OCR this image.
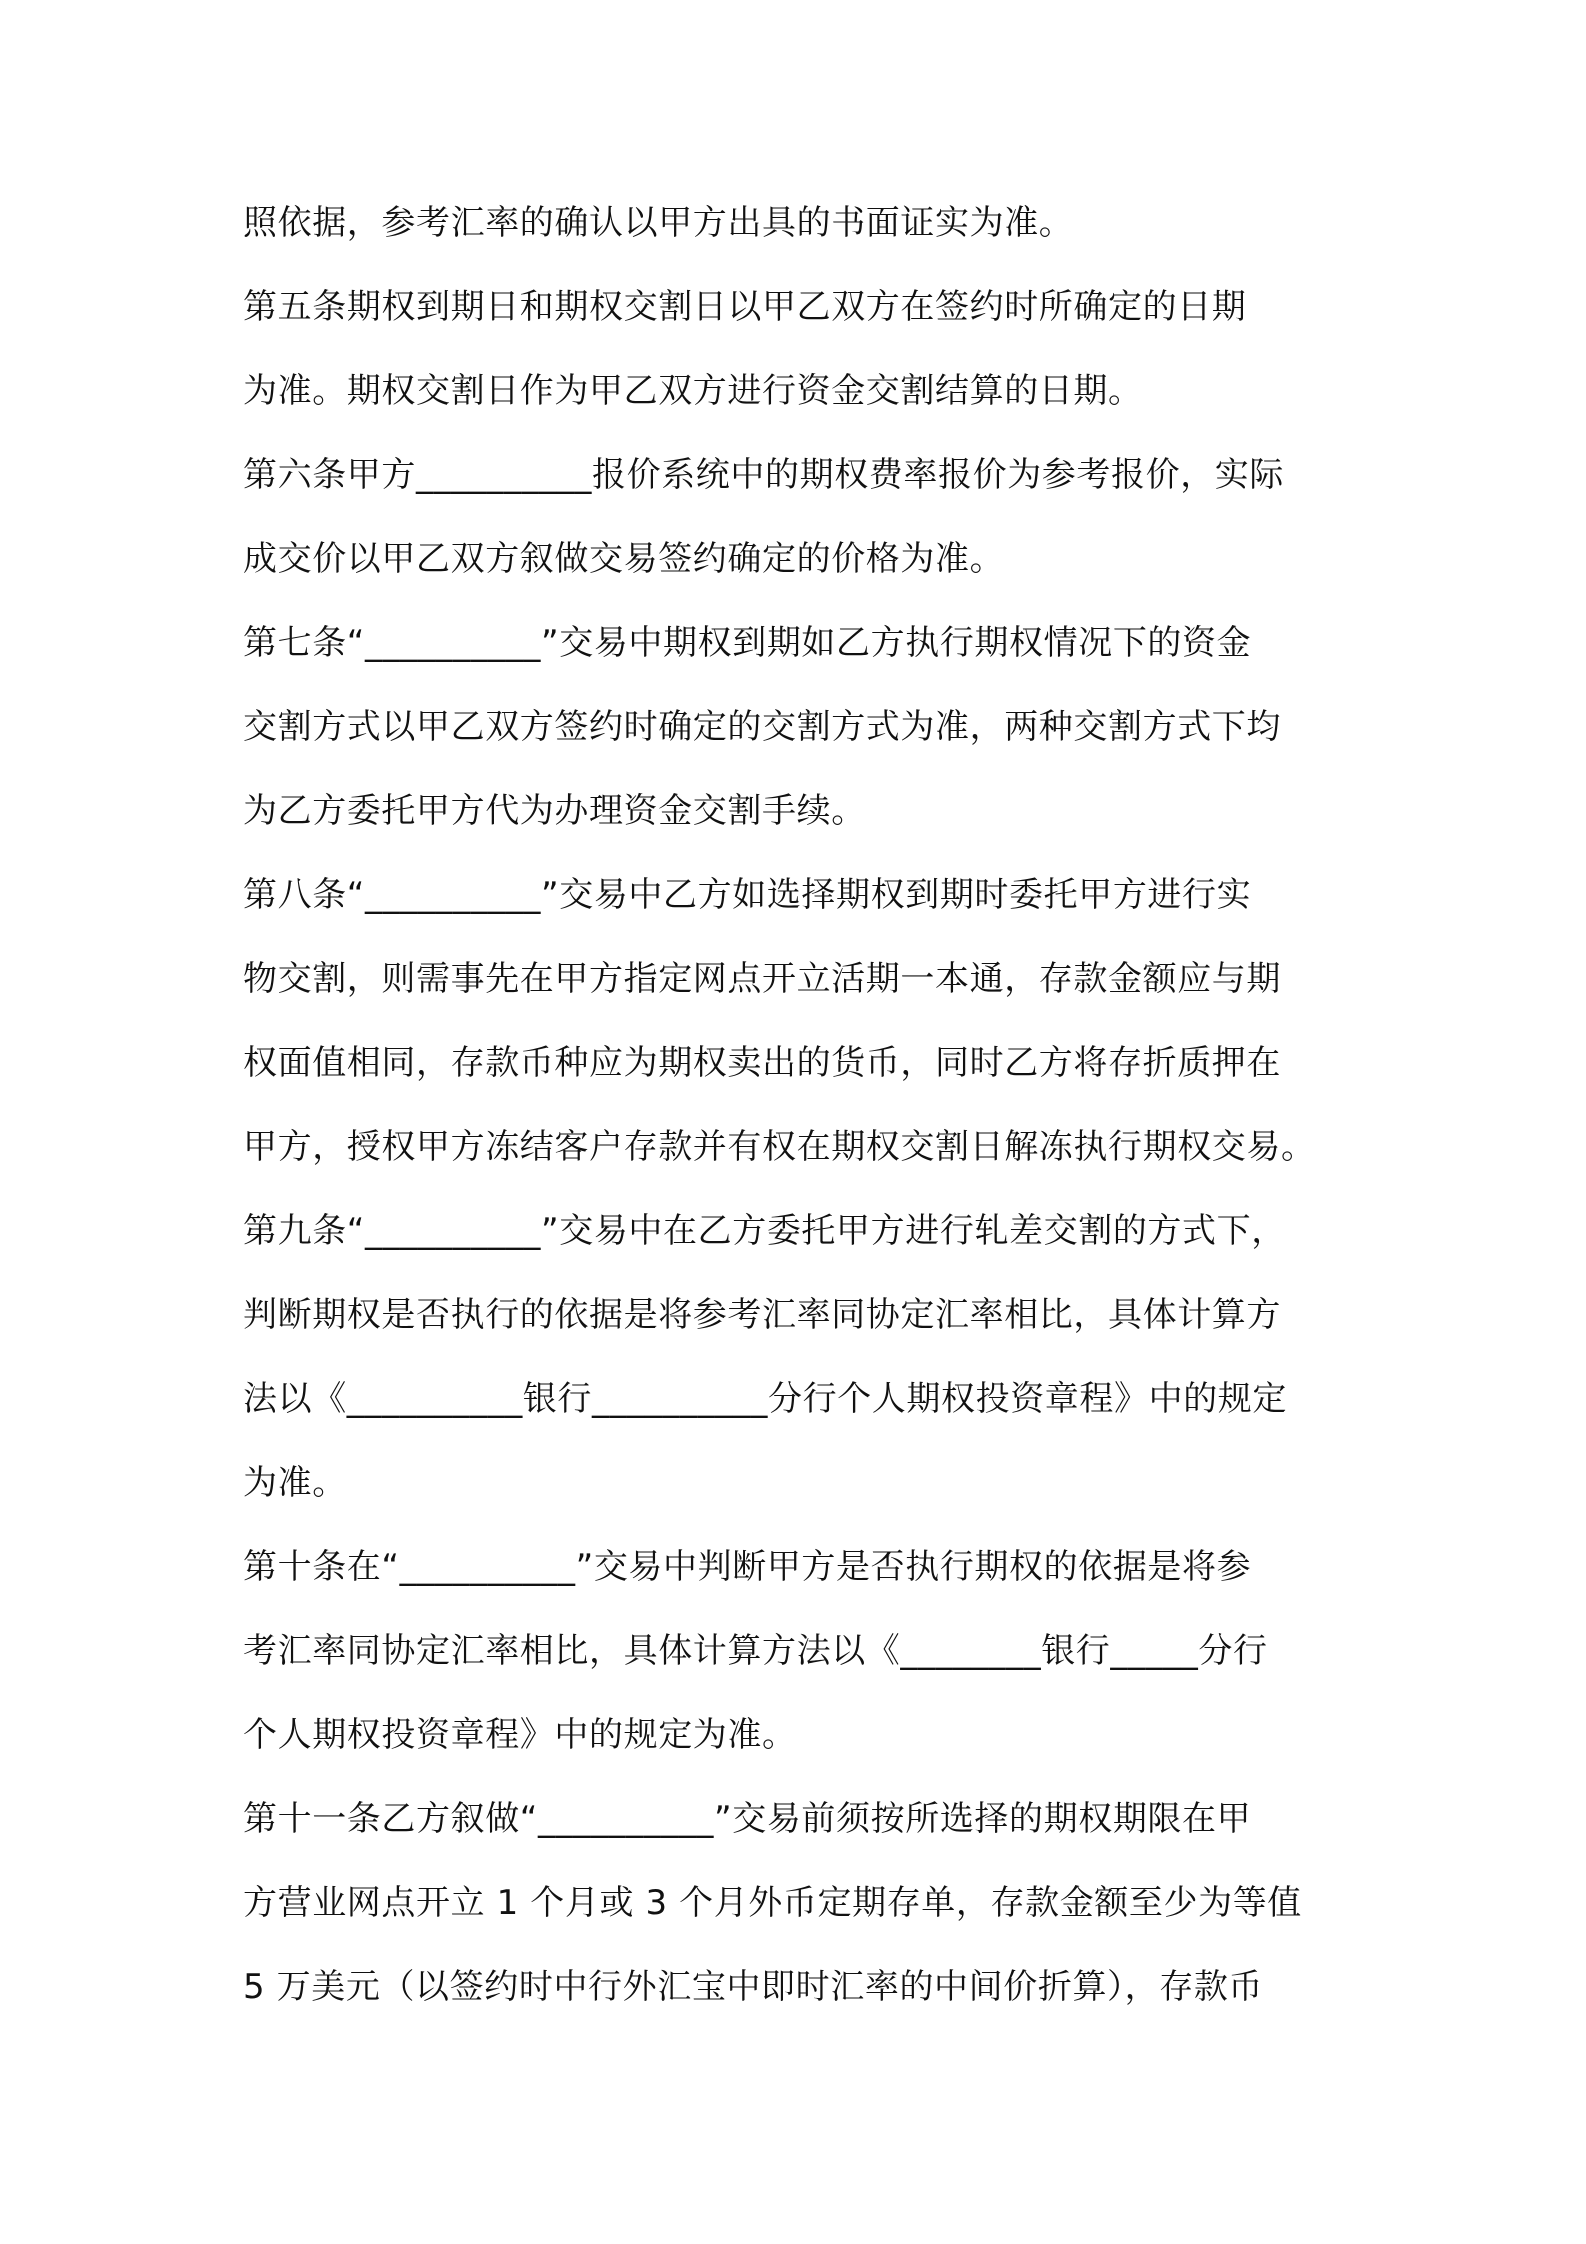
照依据，参考汇率的确认以甲方出具的书面证实为准。
第五条期权到期日和期权交割日以甲乙双方在签约时所确定的日期
为准。期权交割日作为甲乙双方进行资金交割结算的日期。
第六条甲方__________报价系统中的期权费率报价为参考报价，实际
成交价以甲乙双方叙做交易签约确定的价格为准。
第七条“__________”交易中期权到期如乙方执行期权情况下的资金
交割方式以甲乙双方签约时确定的交割方式为准，两种交割方式下均
为乙方委托甲方代为办理资金交割手续。
第八条“__________”交易中乙方如选择期权到期时委托甲方进行实
物交割，则需事先在甲方指定网点开立活期一本通，存款金额应与期
权面值相同，存款币种应为期权卖出的货币，同时乙方将存折质押在
甲方，授权甲方冻结客户存款并有权在期权交割日解冻执行期权交易。
第九条“__________”交易中在乙方委托甲方进行轧差交割的方式下，
判断期权是否执行的依据是将参考汇率同协定汇率相比，具体计算方
法以《__________银行__________分行个人期权投资章程》中的规定
为准。
第十条在“__________”交易中判断甲方是否执行期权的依据是将参
考汇率同协定汇率相比，具体计算方法以《________银行_____分行
个人期权投资章程》中的规定为准。
第十一条乙方叙做“__________”交易前须按所选择的期权期限在甲
方营业网点开立 1 个月或 3 个月外币定期存单，存款金额至少为等值
5 万美元（以签约时中行外汇宝中即时汇率的中间价折算），存款币
